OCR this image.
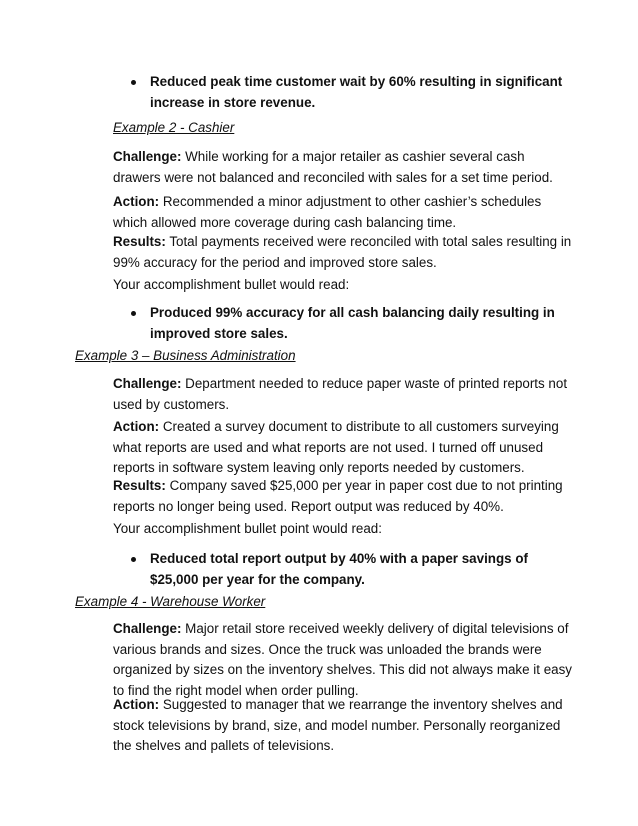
Reduced peak time customer wait by 60% resulting in significant increase in store revenue.
Example 2 - Cashier
Challenge: While working for a major retailer as cashier several cash drawers were not balanced and reconciled with sales for a set time period.
Action: Recommended a minor adjustment to other cashier’s schedules which allowed more coverage during cash balancing time.
Results: Total payments received were reconciled with total sales resulting in 99% accuracy for the period and improved store sales.
Your accomplishment bullet would read:
Produced 99% accuracy for all cash balancing daily resulting in improved store sales.
Example 3 – Business Administration
Challenge: Department needed to reduce paper waste of printed reports not used by customers.
Action: Created a survey document to distribute to all customers surveying what reports are used and what reports are not used. I turned off unused reports in software system leaving only reports needed by customers.
Results: Company saved $25,000 per year in paper cost due to not printing reports no longer being used. Report output was reduced by 40%.
Your accomplishment bullet point would read:
Reduced total report output by 40% with a paper savings of $25,000 per year for the company.
Example 4 - Warehouse Worker
Challenge: Major retail store received weekly delivery of digital televisions of various brands and sizes. Once the truck was unloaded the brands were organized by sizes on the inventory shelves. This did not always make it easy to find the right model when order pulling.
Action: Suggested to manager that we rearrange the inventory shelves and stock televisions by brand, size, and model number. Personally reorganized the shelves and pallets of televisions.
